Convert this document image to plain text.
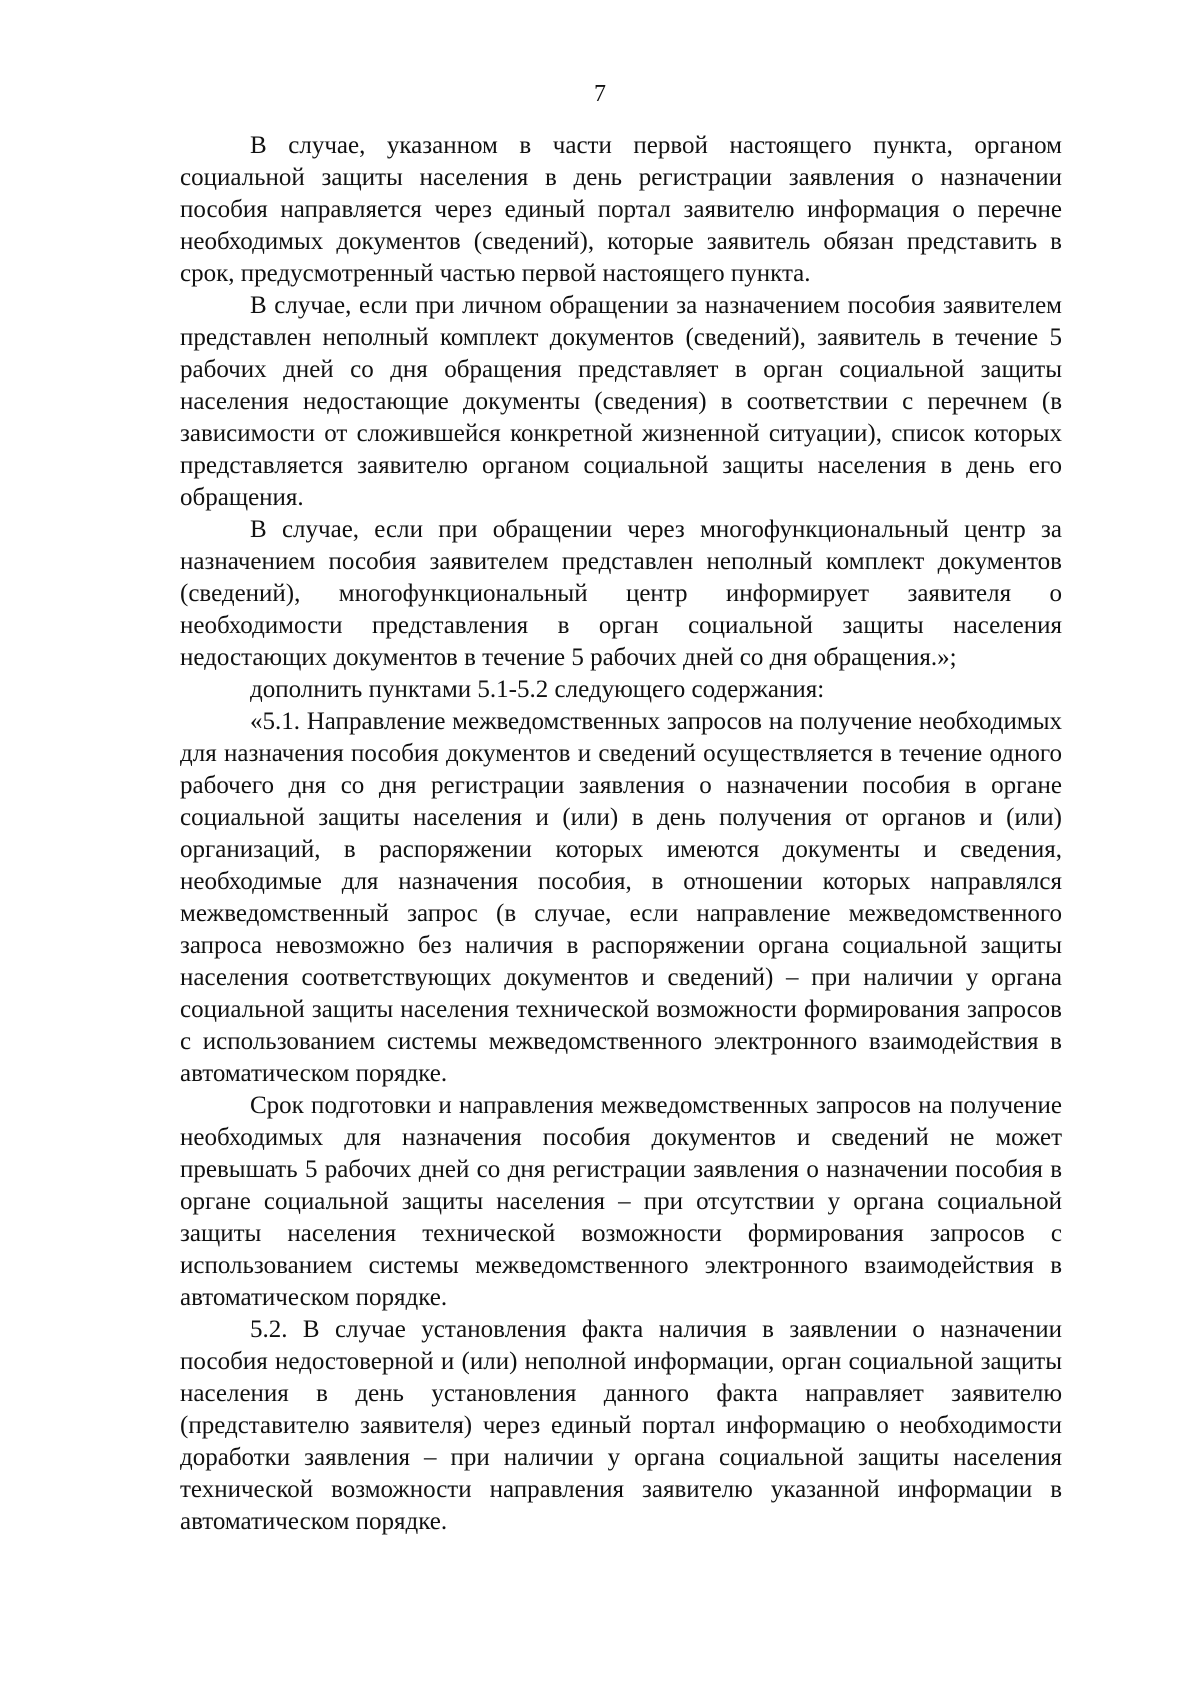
7

В случае, указанном в части первой настоящего пункта, органом социальной защиты населения в день регистрации заявления о назначении пособия направляется через единый портал заявителю информация о перечне необходимых документов (сведений), которые заявитель обязан представить в срок, предусмотренный частью первой настоящего пункта.

В случае, если при личном обращении за назначением пособия заявителем представлен неполный комплект документов (сведений), заявитель в течение 5 рабочих дней со дня обращения представляет в орган социальной защиты населения недостающие документы (сведения) в соответствии с перечнем (в зависимости от сложившейся конкретной жизненной ситуации), список которых представляется заявителю органом социальной защиты населения в день его обращения.

В случае, если при обращении через многофункциональный центр за назначением пособия заявителем представлен неполный комплект документов (сведений), многофункциональный центр информирует заявителя о необходимости представления в орган социальной защиты населения недостающих документов в течение 5 рабочих дней со дня обращения.»;

дополнить пунктами 5.1-5.2 следующего содержания:

«5.1. Направление межведомственных запросов на получение необходимых для назначения пособия документов и сведений осуществляется в течение одного рабочего дня со дня регистрации заявления о назначении пособия в органе социальной защиты населения и (или) в день получения от органов и (или) организаций, в распоряжении которых имеются документы и сведения, необходимые для назначения пособия, в отношении которых направлялся межведомственный запрос (в случае, если направление межведомственного запроса невозможно без наличия в распоряжении органа социальной защиты населения соответствующих документов и сведений) – при наличии у органа социальной защиты населения технической возможности формирования запросов с использованием системы межведомственного электронного взаимодействия в автоматическом порядке.

Срок подготовки и направления межведомственных запросов на получение необходимых для назначения пособия документов и сведений не может превышать 5 рабочих дней со дня регистрации заявления о назначении пособия в органе социальной защиты населения – при отсутствии у органа социальной защиты населения технической возможности формирования запросов с использованием системы межведомственного электронного взаимодействия в автоматическом порядке.

5.2. В случае установления факта наличия в заявлении о назначении пособия недостоверной и (или) неполной информации, орган социальной защиты населения в день установления данного факта направляет заявителю (представителю заявителя) через единый портал информацию о необходимости доработки заявления – при наличии у органа социальной защиты населения технической возможности направления заявителю указанной информации в автоматическом порядке.
